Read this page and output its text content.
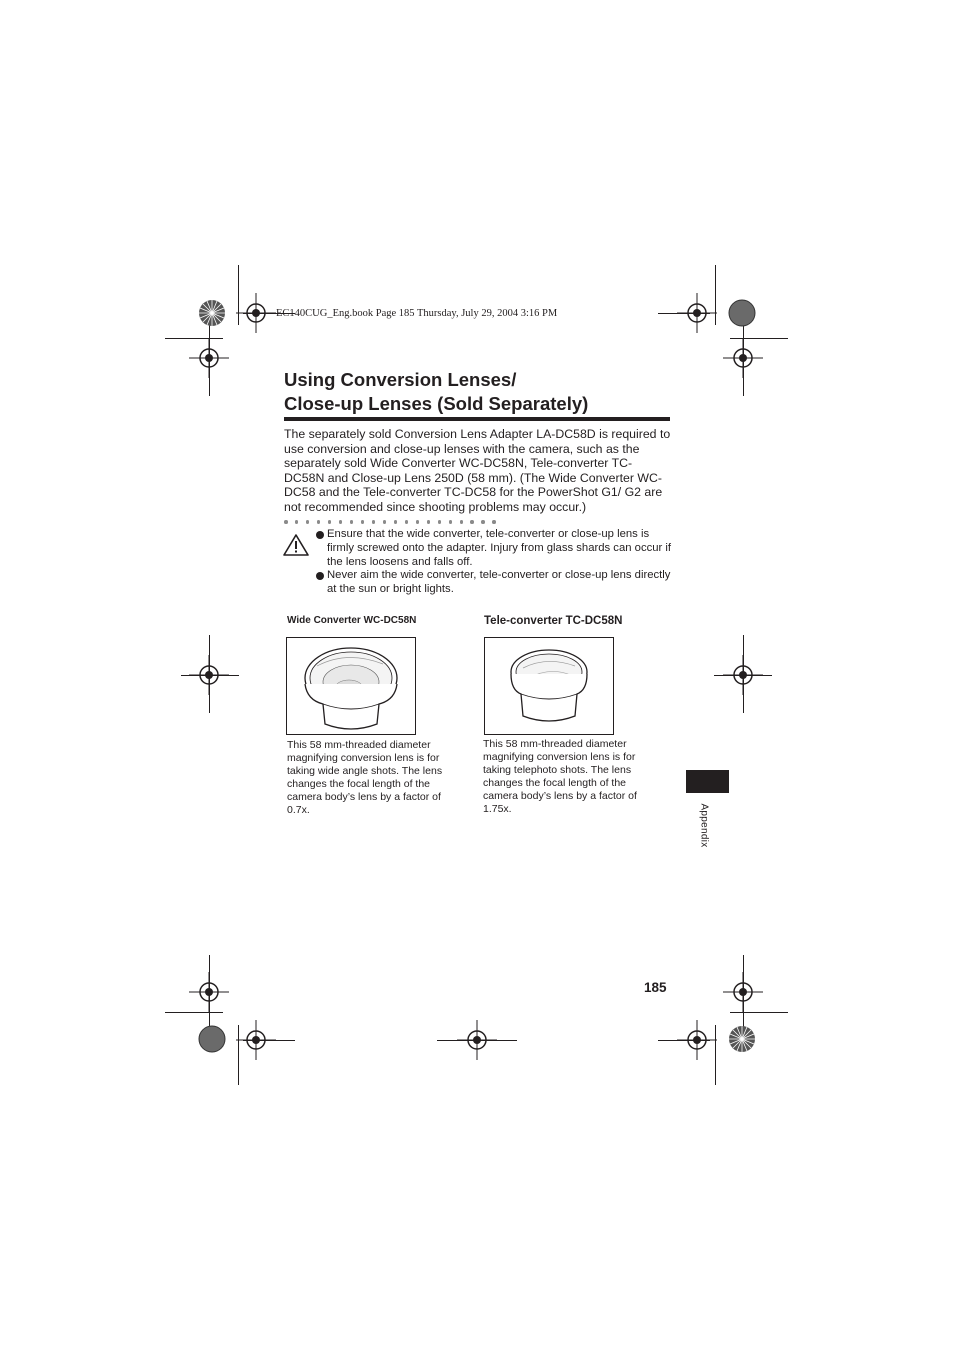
EC140CUG_Eng.book Page 185 Thursday, July 29, 2004 3:16 PM
Using Conversion Lenses/
Close-up Lenses (Sold Separately)
The separately sold Conversion Lens Adapter LA-DC58D is required to use conversion and close-up lenses with the camera, such as the separately sold Wide Converter WC-DC58N, Tele-converter TC-DC58N and Close-up Lens 250D (58 mm). (The Wide Converter WC-DC58 and the Tele-converter TC-DC58 for the PowerShot G1/ G2 are not recommended since shooting problems may occur.)
Ensure that the wide converter, tele-converter or close-up lens is firmly screwed onto the adapter. Injury from glass shards can occur if the lens loosens and falls off.
Never aim the wide converter, tele-converter or close-up lens directly at the sun or bright lights.
Wide Converter WC-DC58N	Tele-converter TC-DC58N
This 58 mm-threaded diameter magnifying conversion lens is for taking wide angle shots. The lens changes the focal length of the camera body’s lens by a factor of 0.7x.
This 58 mm-threaded diameter magnifying conversion lens is for taking telephoto shots. The lens changes the focal length of the camera body’s lens by a factor of 1.75x.	Appendix
185
